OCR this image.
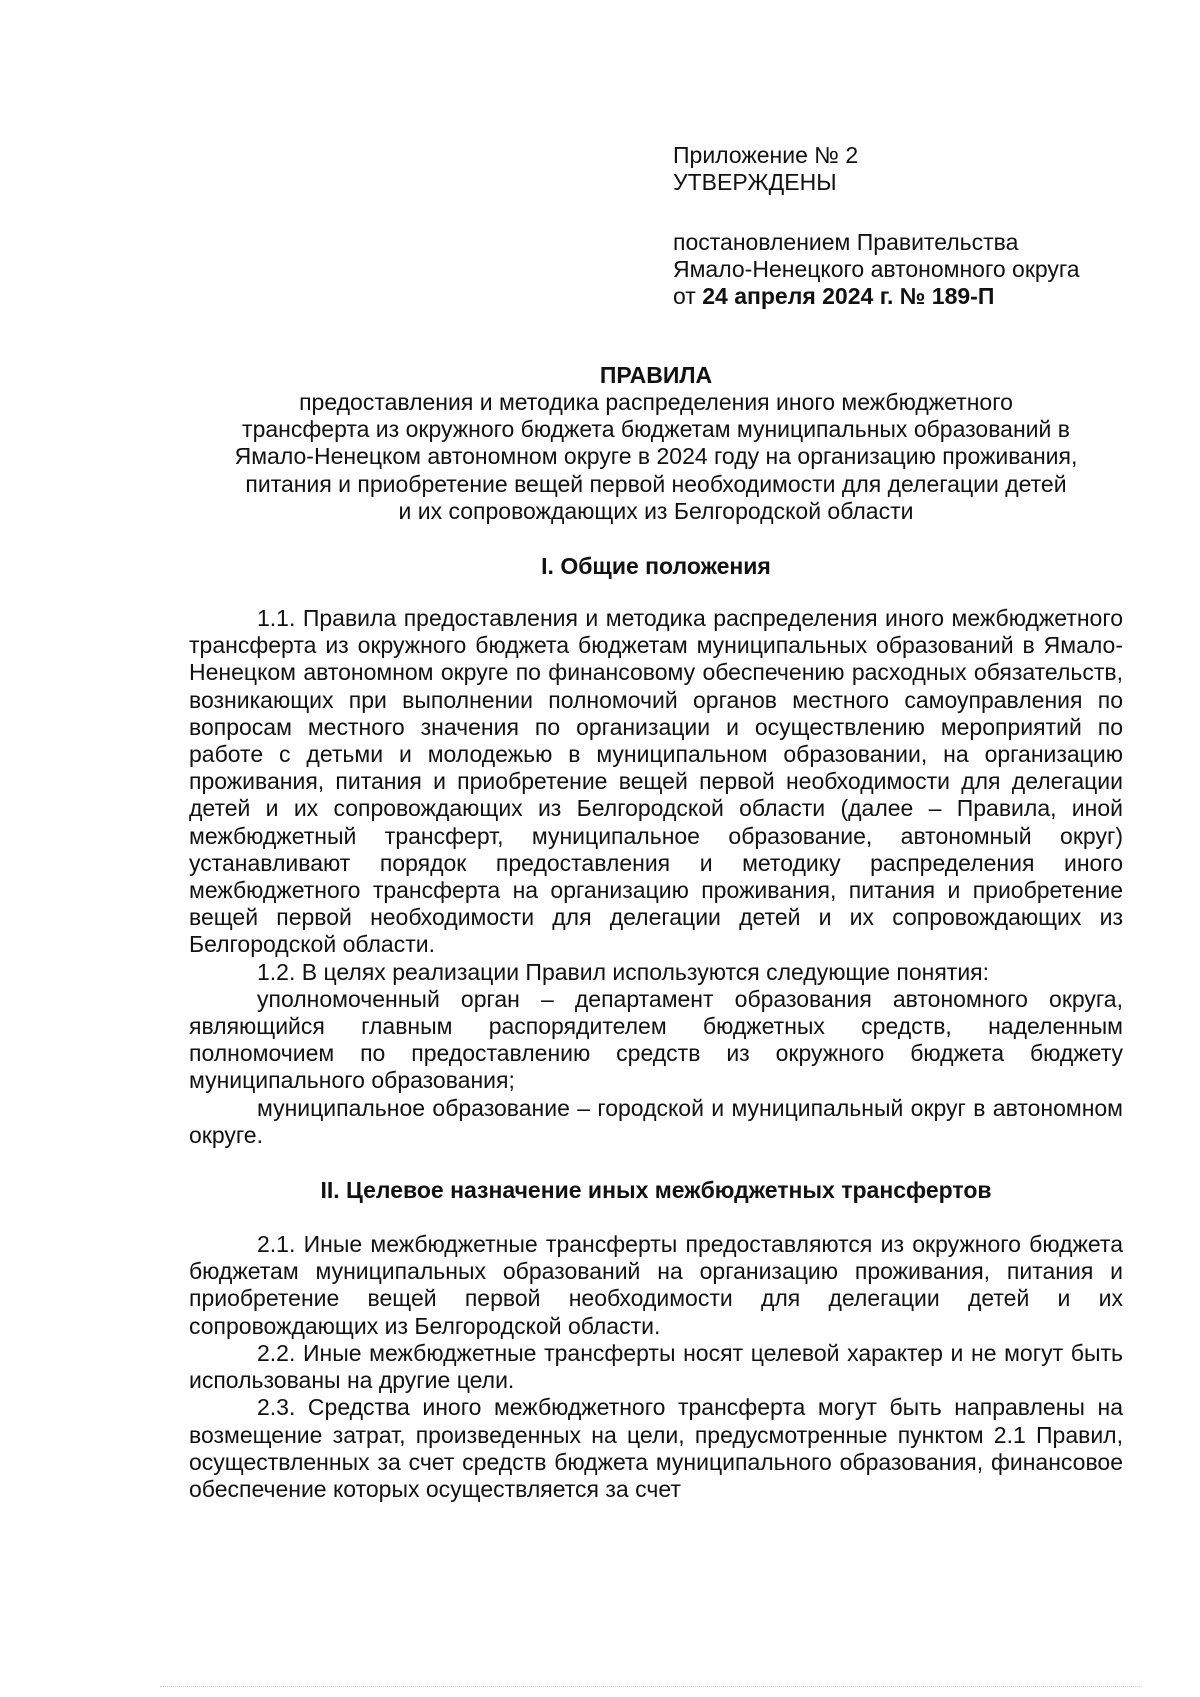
Приложение № 2
УТВЕРЖДЕНЫ
постановлением Правительства
Ямало-Ненецкого автономного округа
от 24 апреля 2024 г. № 189-П

ПРАВИЛА

предоставления и методика распределения иного межбюджетного
трансферта из окружного бюджета бюджетам муниципальных образований в
Ямало-Ненецком автономном округе в 2024 году на организацию проживания,
питания и приобретение вещей первой необходимости для делегации детей
и их сопровождающих из Белгородской области

I. Общие положения

1.1. Правила предоставления и методика распределения иного межбюджетного трансферта из окружного бюджета бюджетам муниципальных образований в Ямало-Ненецком автономном округе по финансовому обеспечению расходных обязательств, возникающих при выполнении полномочий органов местного самоуправления по вопросам местного значения по организации и осуществлению мероприятий по работе с детьми и молодежью в муниципальном образовании, на организацию проживания, питания и приобретение вещей первой необходимости для делегации детей и их сопровождающих из Белгородской области (далее – Правила, иной межбюджетный трансферт, муниципальное образование, автономный округ) устанавливают порядок предоставления и методику распределения иного межбюджетного трансферта на организацию проживания, питания и приобретение вещей первой необходимости для делегации детей и их сопровождающих из Белгородской области.

1.2. В целях реализации Правил используются следующие понятия:

уполномоченный орган – департамент образования автономного округа, являющийся главным распорядителем бюджетных средств, наделенным полномочием по предоставлению средств из окружного бюджета бюджету муниципального образования;

муниципальное образование – городской и муниципальный округ в автономном округе.

II. Целевое назначение иных межбюджетных трансфертов

2.1. Иные межбюджетные трансферты предоставляются из окружного бюджета бюджетам муниципальных образований на организацию проживания, питания и приобретение вещей первой необходимости для делегации детей и их сопровождающих из Белгородской области.

2.2. Иные межбюджетные трансферты носят целевой характер и не могут быть использованы на другие цели.

2.3. Средства иного межбюджетного трансферта могут быть направлены на возмещение затрат, произведенных на цели, предусмотренные пунктом 2.1 Правил, осуществленных за счет средств бюджета муниципального образования, финансовое обеспечение которых осуществляется за счет
